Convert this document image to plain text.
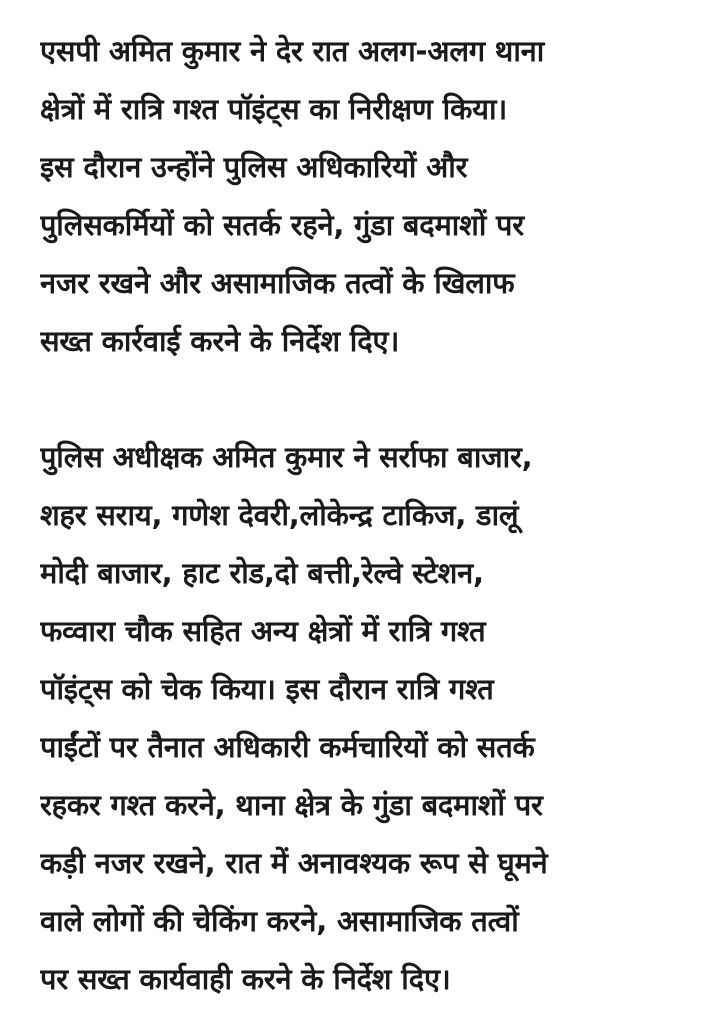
एसपी अमित कुमार ने देर रात अलग-अलग थाना
क्षेत्रों में रात्रि गश्त पॉइंट्स का निरीक्षण किया।
इस दौरान उन्होंने पुलिस अधिकारियों और
पुलिसकर्मियों को सतर्क रहने, गुंडा बदमाशों पर
नजर रखने और असामाजिक तत्वों के खिलाफ
सख्त कार्रवाई करने के निर्देश दिए।
पुलिस अधीक्षक अमित कुमार ने सर्राफा बाजार,
शहर सराय, गणेश देवरी,लोकेन्द्र टाकिज, डालूं
मोदी बाजार, हाट रोड,दो बत्ती,रेल्वे स्टेशन,
फव्वारा चौक सहित अन्य क्षेत्रों में रात्रि गश्त
पॉइंट्स को चेक किया। इस दौरान रात्रि गश्त
पाईंटों पर तैनात अधिकारी कर्मचारियों को सतर्क
रहकर गश्त करने, थाना क्षेत्र के गुंडा बदमाशों पर
कड़ी नजर रखने, रात में अनावश्यक रूप से घूमने
वाले लोगों की चेकिंग करने, असामाजिक तत्वों
पर सख्त कार्यवाही करने के निर्देश दिए।
